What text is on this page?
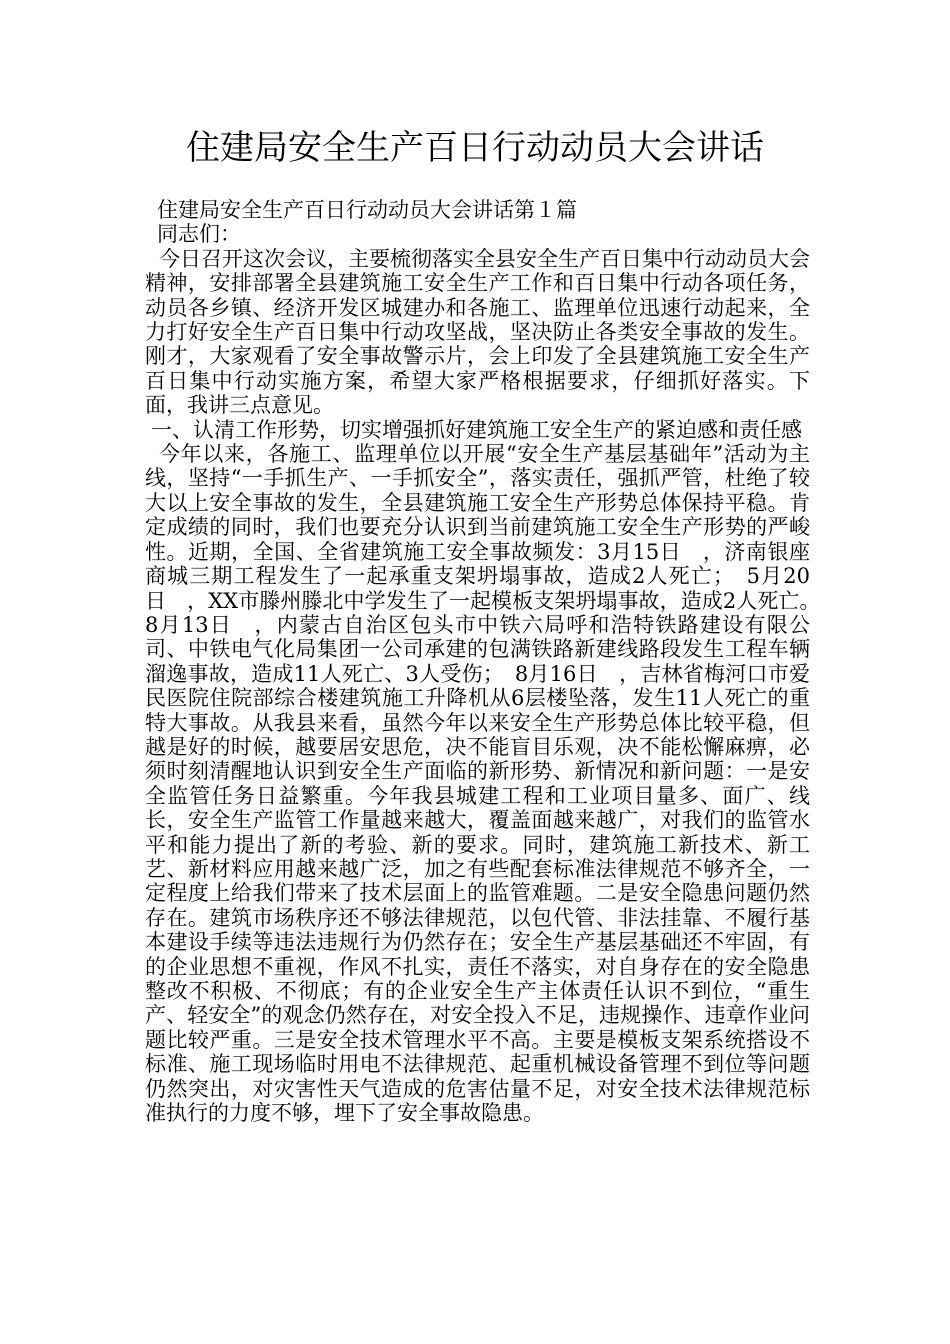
住建局安全生产百日行动动员大会讲话

住建局安全生产百日行动动员大会讲话第１篇

同志们：

今日召开这次会议，主要梳彻落实全县安全生产百日集中行动动员大会精神，安排部署全县建筑施工安全生产工作和百日集中行动各项任务，动员各乡镇、经济开发区城建办和各施工、监理单位迅速行动起来，全力打好安全生产百日集中行动攻坚战，坚决防止各类安全事故的发生。刚才，大家观看了安全事故警示片，会上印发了全县建筑施工安全生产百日集中行动实施方案，希望大家严格根据要求，仔细抓好落实。下面，我讲三点意见。

一、认清工作形势，切实增强抓好建筑施工安全生产的紧迫感和责任感

今年以来，各施工、监理单位以开展“安全生产基层基础年”活动为主线，坚持“一手抓生产、一手抓安全”，落实责任，强抓严管，杜绝了较大以上安全事故的发生，全县建筑施工安全生产形势总体保持平稳。肯定成绩的同时，我们也要充分认识到当前建筑施工安全生产形势的严峻性。近期，全国、全省建筑施工安全事故频发：3月15日　，济南银座商城三期工程发生了一起承重支架坍塌事故，造成2人死亡；　5月20日　，XX市滕州滕北中学发生了一起模板支架坍塌事故，造成2人死亡。　8月13日　，内蒙古自治区包头市中铁六局呼和浩特铁路建设有限公司、中铁电气化局集团一公司承建的包满铁路新建线路段发生工程车辆溜逸事故，造成11人死亡、3人受伤；　8月16日　，吉林省梅河口市爱民医院住院部综合楼建筑施工升降机从6层楼坠落，发生11人死亡的重特大事故。从我县来看，虽然今年以来安全生产形势总体比较平稳，但越是好的时候，越要居安思危，决不能盲目乐观，决不能松懈麻痹，必须时刻清醒地认识到安全生产面临的新形势、新情况和新问题：一是安全监管任务日益繁重。今年我县城建工程和工业项目量多、面广、线长，安全生产监管工作量越来越大，覆盖面越来越广，对我们的监管水平和能力提出了新的考验、新的要求。同时，建筑施工新技术、新工艺、新材料应用越来越广泛，加之有些配套标准法律规范不够齐全，一定程度上给我们带来了技术层面上的监管难题。二是安全隐患问题仍然存在。建筑市场秩序还不够法律规范，以包代管、非法挂靠、不履行基本建设手续等违法违规行为仍然存在；安全生产基层基础还不牢固，有的企业思想不重视，作风不扎实，责任不落实，对自身存在的安全隐患整改不积极、不彻底；有的企业安全生产主体责任认识不到位，“重生产、轻安全”的观念仍然存在，对安全投入不足，违规操作、违章作业问题比较严重。三是安全技术管理水平不高。主要是模板支架系统搭设不标准、施工现场临时用电不法律规范、起重机械设备管理不到位等问题仍然突出，对灾害性天气造成的危害估量不足，对安全技术法律规范标准执行的力度不够，埋下了安全事故隐患。
